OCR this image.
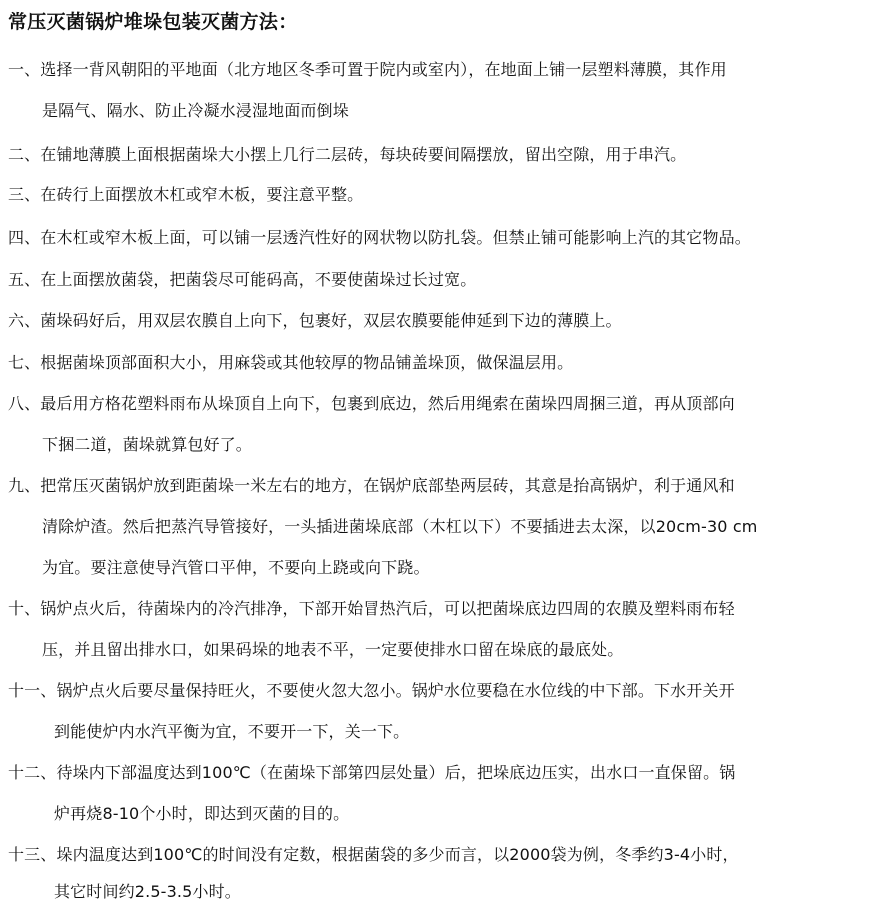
常压灭菌锅炉堆垛包装灭菌方法：
一、选择一背风朝阳的平地面（北方地区冬季可置于院内或室内），在地面上铺一层塑料薄膜，其作用
是隔气、隔水、防止冷凝水浸湿地面而倒垛
二、在铺地薄膜上面根据菌垛大小摆上几行二层砖，每块砖要间隔摆放，留出空隙，用于串汽。
三、在砖行上面摆放木杠或窄木板，要注意平整。
四、在木杠或窄木板上面，可以铺一层透汽性好的网状物以防扎袋。但禁止铺可能影响上汽的其它物品。
五、在上面摆放菌袋，把菌袋尽可能码高，不要使菌垛过长过宽。
六、菌垛码好后，用双层农膜自上向下，包裹好，双层农膜要能伸延到下边的薄膜上。
七、根据菌垛顶部面积大小，用麻袋或其他较厚的物品铺盖垛顶，做保温层用。
八、最后用方格花塑料雨布从垛顶自上向下，包裹到底边，然后用绳索在菌垛四周捆三道，再从顶部向
下捆二道，菌垛就算包好了。
九、把常压灭菌锅炉放到距菌垛一米左右的地方，在锅炉底部垫两层砖，其意是抬高锅炉，利于通风和
清除炉渣。然后把蒸汽导管接好，一头插进菌垛底部（木杠以下）不要插进去太深，以20cm-30 cm
为宜。要注意使导汽管口平伸，不要向上跷或向下跷。
十、锅炉点火后，待菌垛内的冷汽排净，下部开始冒热汽后，可以把菌垛底边四周的农膜及塑料雨布轻
压，并且留出排水口，如果码垛的地表不平，一定要使排水口留在垛底的最底处。
十一、锅炉点火后要尽量保持旺火，不要使火忽大忽小。锅炉水位要稳在水位线的中下部。下水开关开
到能使炉内水汽平衡为宜，不要开一下，关一下。
十二、待垛内下部温度达到100℃（在菌垛下部第四层处量）后，把垛底边压实，出水口一直保留。锅
炉再烧8-10个小时，即达到灭菌的目的。
十三、垛内温度达到100℃的时间没有定数，根据菌袋的多少而言，以2000袋为例，冬季约3-4小时，
其它时间约2.5-3.5小时。
